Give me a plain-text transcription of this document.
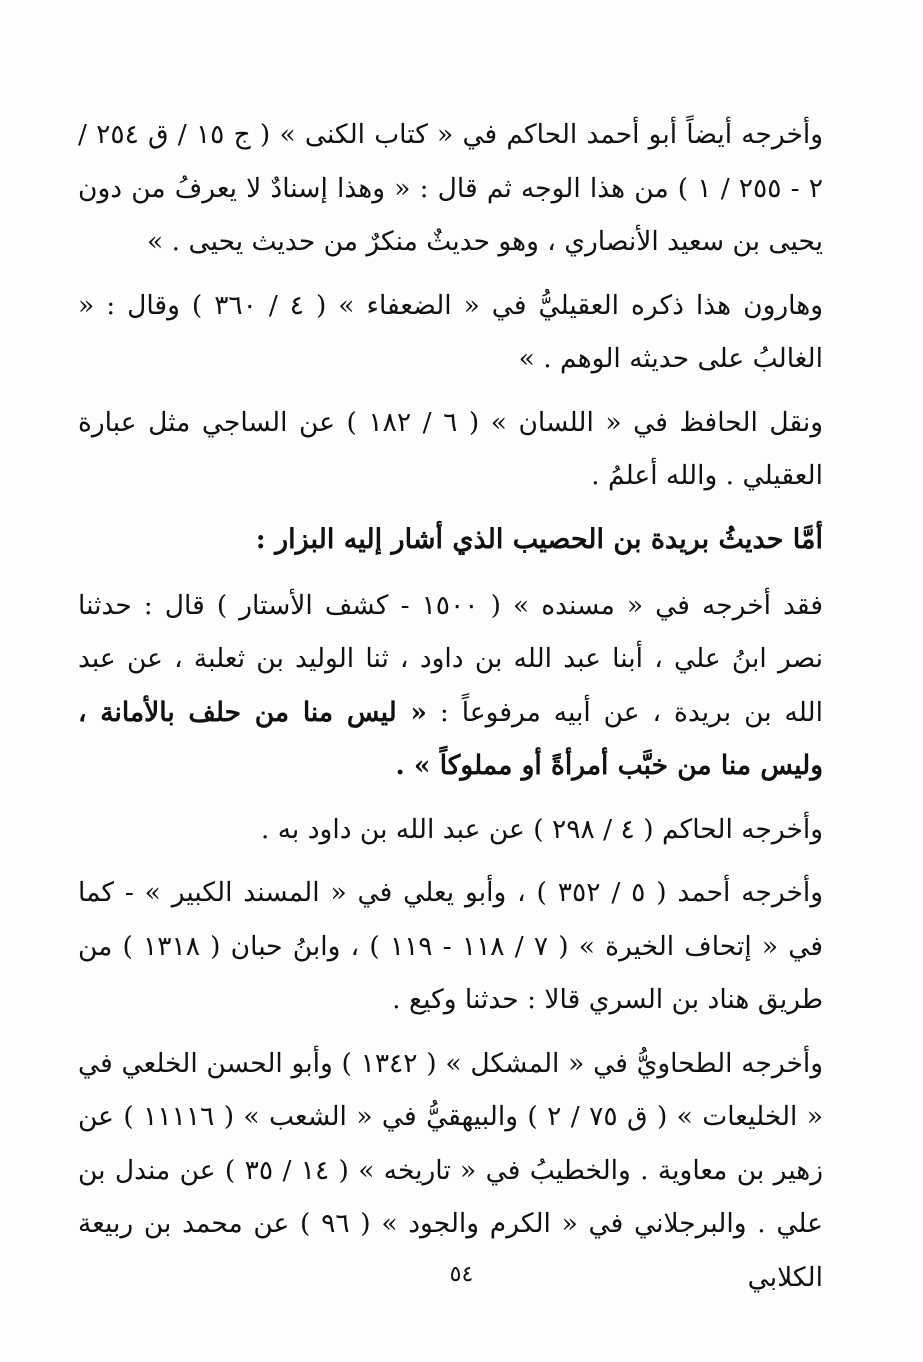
وأخرجه أيضاً أبو أحمد الحاكم في « كتاب الكنى » ( ج ١٥ / ق ٢٥٤ / ٢ - ٢٥٥ / ١ ) من هذا الوجه ثم قال : « وهذا إسنادٌ لا يعرفُ من دون يحيى بن سعيد الأنصاري ، وهو حديثٌ منكرٌ من حديث يحيى . »

وهارون هذا ذكره العقيليُّ في « الضعفاء » ( ٤ / ٣٦٠ ) وقال : « الغالبُ على حديثه الوهم . »

ونقل الحافظ في « اللسان » ( ٦ / ١٨٢ ) عن الساجي مثل عبارة العقيلي . والله أعلمُ .

أمَّا حديثُ بريدة بن الحصيب الذي أشار إليه البزار :

فقد أخرجه في « مسنده » ( ١٥٠٠ - كشف الأستار ) قال : حدثنا نصر ابنُ علي ، أبنا عبد الله بن داود ، ثنا الوليد بن ثعلبة ، عن عبد الله بن بريدة ، عن أبيه مرفوعاً : « ليس منا من حلف بالأمانة ، وليس منا من خبَّب أمرأةً أو مملوكاً » .

وأخرجه الحاكم ( ٤ / ٢٩٨ ) عن عبد الله بن داود به .

وأخرجه أحمد ( ٥ / ٣٥٢ ) ، وأبو يعلي في « المسند الكبير » - كما في « إتحاف الخيرة » ( ٧ / ١١٨ - ١١٩ ) ، وابنُ حبان ( ١٣١٨ ) من طريق هناد بن السري قالا : حدثنا وكيع .

وأخرجه الطحاويُّ في « المشكل » ( ١٣٤٢ ) وأبو الحسن الخلعي في « الخليعات » ( ق ٧٥ / ٢ ) والبيهقيُّ في « الشعب » ( ١١١١٦ ) عن زهير بن معاوية . والخطيبُ في « تاريخه » ( ١٤ / ٣٥ ) عن مندل بن علي . والبرجلاني في « الكرم والجود » ( ٩٦ ) عن محمد بن ربيعة الكلابي

٥٤
